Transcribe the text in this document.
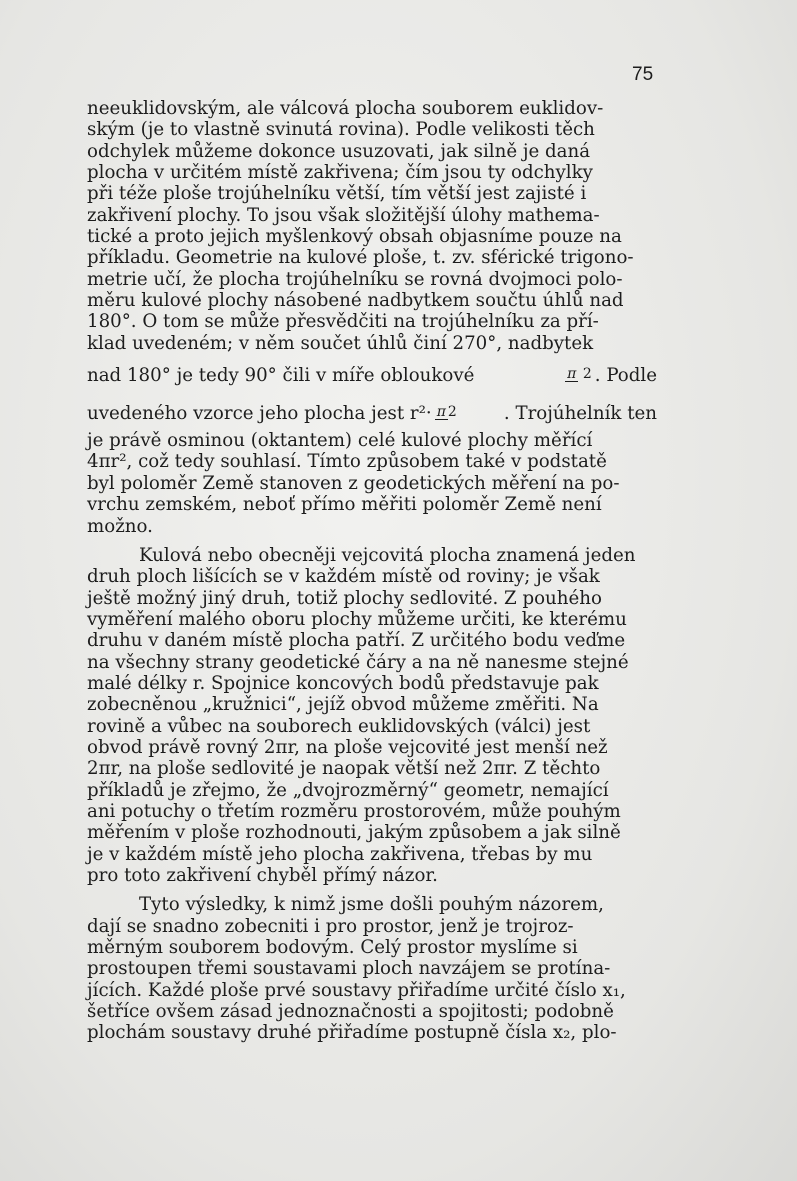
75
neeuklidovským, ale válcová plocha souborem euklidov-
ským (je to vlastně svinutá rovina). Podle velikosti těch
odchylek můžeme dokonce usuzovati, jak silně je daná
plocha v určitém místě zakřivena; čím jsou ty odchylky
při téže ploše trojúhelníku větší, tím větší jest zajisté i
zakřivení plochy. To jsou však složitější úlohy mathema-
tické a proto jejich myšlenkový obsah objasníme pouze na
příkladu. Geometrie na kulové ploše, t. zv. sférické trigono-
metrie učí, že plocha trojúhelníku se rovná dvojmoci polo-
měru kulové plochy násobené nadbytkem součtu úhlů nad
180°. O tom se může přesvědčiti na trojúhelníku za pří-
klad uvedeném; v něm součet úhlů činí 270°, nadbytek
nad 180° je tedy 90° čili v míře obloukové	π 2 . Podle
uvedeného vzorce jeho plocha jest r²· π 2	. Trojúhelník ten
je právě osminou (oktantem) celé kulové plochy měřící
4πr², což tedy souhlasí. Tímto způsobem také v podstatě
byl poloměr Země stanoven z geodetických měření na po-
vrchu zemském, neboť přímo měřiti poloměr Země není
možno.
Kulová nebo obecněji vejcovitá plocha znamená jeden
druh ploch lišících se v každém místě od roviny; je však
ještě možný jiný druh, totiž plochy sedlovité. Z pouhého
vyměření malého oboru plochy můžeme určiti, ke kterému
druhu v daném místě plocha patří. Z určitého bodu veďme
na všechny strany geodetické čáry a na ně nanesme stejné
malé délky r. Spojnice koncových bodů představuje pak
zobecněnou „kružnici“, jejíž obvod můžeme změřiti. Na
rovině a vůbec na souborech euklidovských (válci) jest
obvod právě rovný 2πr, na ploše vejcovité jest menší než
2πr, na ploše sedlovité je naopak větší než 2πr. Z těchto
příkladů je zřejmo, že „dvojrozměrný“ geometr, nemající
ani potuchy o třetím rozměru prostorovém, může pouhým
měřením v ploše rozhodnouti, jakým způsobem a jak silně
je v každém místě jeho plocha zakřivena, třebas by mu
pro toto zakřivení chyběl přímý názor.
Tyto výsledky, k nimž jsme došli pouhým názorem,
dají se snadno zobecniti i pro prostor, jenž je trojroz-
měrným souborem bodovým. Celý prostor myslíme si
prostoupen třemi soustavami ploch navzájem se protína-
jících. Každé ploše prvé soustavy přiřadíme určité číslo x₁,
šetříce ovšem zásad jednoznačnosti a spojitosti; podobně
plochám soustavy druhé přiřadíme postupně čísla x₂, plo-
